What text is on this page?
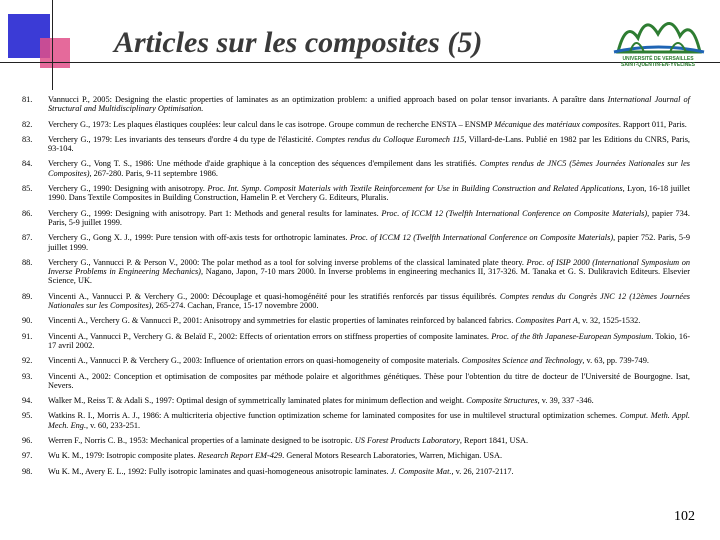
Articles sur les composites (5)	UNIVERSITÉ DE VERSAILLES
SAINT-QUENTIN-EN-YVELINES
81.	Vannucci P., 2005: Designing the elastic properties of laminates as an optimization problem: a unified approach based on polar tensor invariants. A paraître dans International Journal of Structural and Multidisciplinary Optimisation.
82.	Verchery G., 1973: Les plaques élastiques couplées: leur calcul dans le cas isotrope. Groupe commun de recherche ENSTA – ENSMP Mécanique des matériaux composites. Rapport 011, Paris.
83.	Verchery G., 1979: Les invariants des tenseurs d'ordre 4 du type de l'élasticité. Comptes rendus du Colloque Euromech 115, Villard-de-Lans. Publié en 1982 par les Editions du CNRS, Paris, 93-104.
84.	Verchery G., Vong T. S., 1986: Une méthode d'aide graphique à la conception des séquences d'empilement dans les stratifiés. Comptes rendus de JNC5 (5èmes Journées Nationales sur les Composites), 267-280. Paris, 9-11 septembre 1986.
85.	Verchery G., 1990: Designing with anisotropy. Proc. Int. Symp. Composit Materials with Textile Reinforcement for Use in Building Construction and Related Applications, Lyon, 16-18 juillet 1990. Dans Textile Composites in Building Construction, Hamelin P. et Verchery G. Editeurs, Pluralis.
86.	Verchery G., 1999: Designing with anisotropy. Part 1: Methods and general results for laminates. Proc. of ICCM 12 (Twelfth International Conference on Composite Materials), papier 734. Paris, 5-9 juillet 1999.
87.	Verchery G., Gong X. J., 1999: Pure tension with off-axis tests for orthotropic laminates. Proc. of ICCM 12 (Twelfth International Conference on Composite Materials), papier 752. Paris, 5-9 juillet 1999.
88.	Verchery G., Vannucci P. & Person V., 2000: The polar method as a tool for solving inverse problems of the classical laminated plate theory. Proc. of ISIP 2000 (International Symposium on Inverse Problems in Engineering Mechanics), Nagano, Japon, 7-10 mars 2000. In Inverse problems in engineering mechanics II, 317-326. M. Tanaka et G. S. Dulikravich Editeurs. Elsevier Science, UK.
89.	Vincenti A., Vannucci P. & Verchery G., 2000: Découplage et quasi-homogénéité pour les stratifiés renforcés par tissus équilibrés. Comptes rendus du Congrès JNC 12 (12èmes Journées Nationales sur les Composites), 265-274. Cachan, France, 15-17 novembre 2000.
90.	Vincenti A., Verchery G. & Vannucci P., 2001: Anisotropy and symmetries for elastic properties of laminates reinforced by balanced fabrics. Composites Part A, v. 32, 1525-1532.
91.	Vincenti A., Vannucci P., Verchery G. & Belaïd F., 2002: Effects of orientation errors on stiffness properties of composite laminates. Proc. of the 8th Japanese-European Symposium. Tokio, 16-17 avril 2002.
92.	Vincenti A., Vannucci P. & Verchery G., 2003: Influence of orientation errors on quasi-homogeneity of composite materials. Composites Science and Technology, v. 63, pp. 739-749.
93.	Vincenti A., 2002: Conception et optimisation de composites par méthode polaire et algorithmes génétiques. Thèse pour l'obtention du titre de docteur de l'Université de Bourgogne. Isat, Nevers.
94.	Walker M., Reiss T. & Adali S., 1997: Optimal design of symmetrically laminated plates for minimum deflection and weight. Composite Structures, v. 39, 337 -346.
95.	Watkins R. I., Morris A. J., 1986: A multicriteria objective function optimization scheme for laminated composites for use in multilevel structural optimization schemes. Comput. Meth. Appl. Mech. Eng., v. 60, 233-251.
96.	Werren F., Norris C. B., 1953: Mechanical properties of a laminate designed to be isotropic. US Forest Products Laboratory, Report 1841, USA.
97.	Wu K. M., 1979: Isotropic composite plates. Research Report EM-429. General Motors Research Laboratories, Warren, Michigan. USA.
98.	Wu K. M., Avery E. L., 1992: Fully isotropic laminates and quasi-homogeneous anisotropic laminates. J. Composite Mat., v. 26, 2107-2117.
102
